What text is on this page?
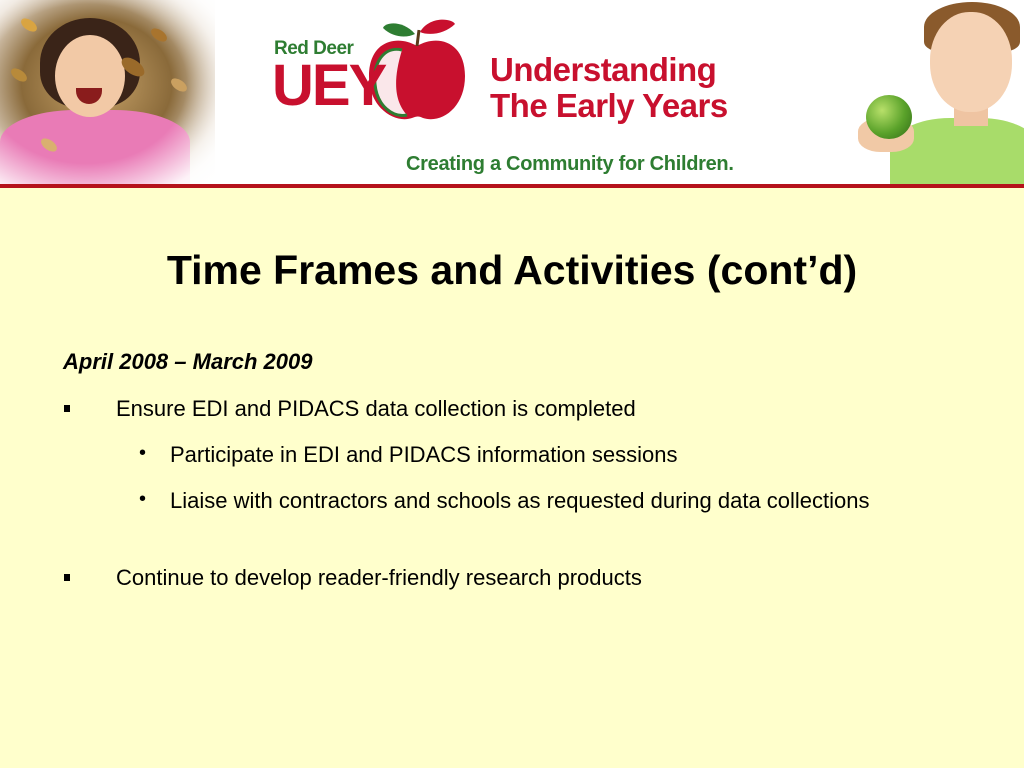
Red Deer
UEY	Understanding
The Early Years
Creating a Community for Children.
Time Frames and Activities (cont’d)
April 2008 – March 2009
Ensure EDI and PIDACS data collection is completed
• Participate in EDI and PIDACS information sessions
• Liaise with contractors and schools as requested during data collections
Continue to develop reader-friendly research products
